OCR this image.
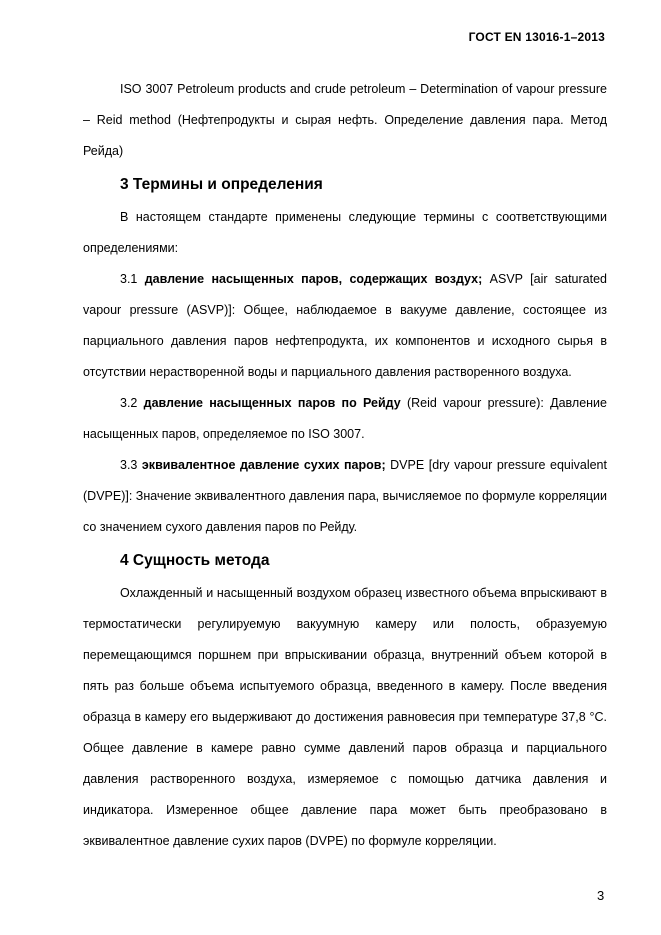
ГОСТ EN 13016-1–2013

ISO 3007 Petroleum products and crude petroleum – Determination of vapour pressure – Reid method (Нефтепродукты и сырая нефть. Определение давления пара. Метод Рейда)

3 Термины и определения

В настоящем стандарте применены следующие термины с соответствующими определениями:

3.1 давление насыщенных паров, содержащих воздух; ASVP [air saturated vapour pressure (ASVP)]: Общее, наблюдаемое в вакууме давление, состоящее из парциального давления паров нефтепродукта, их компонентов и исходного сырья в отсутствии нерастворенной воды и парциального давления растворенного воздуха.

3.2 давление насыщенных паров по Рейду (Reid vapour pressure): Давление насыщенных паров, определяемое по ISO 3007.

3.3 эквивалентное давление сухих паров; DVPE [dry vapour pressure equivalent (DVPE)]: Значение эквивалентного давления пара, вычисляемое по формуле корреляции со значением сухого давления паров по Рейду.

4 Сущность метода

Охлажденный и насыщенный воздухом образец известного объема впрыскивают в термостатически регулируемую вакуумную камеру или полость, образуемую перемещающимся поршнем при впрыскивании образца, внутренний объем которой в пять раз больше объема испытуемого образца, введенного в камеру. После введения образца в камеру его выдерживают до достижения равновесия при температуре 37,8 °С. Общее давление в камере равно сумме давлений паров образца и парциального давления растворенного воздуха, измеряемое с помощью датчика давления и индикатора. Измеренное общее давление пара может быть преобразовано в эквивалентное давление сухих паров (DVPE) по формуле корреляции.

3
